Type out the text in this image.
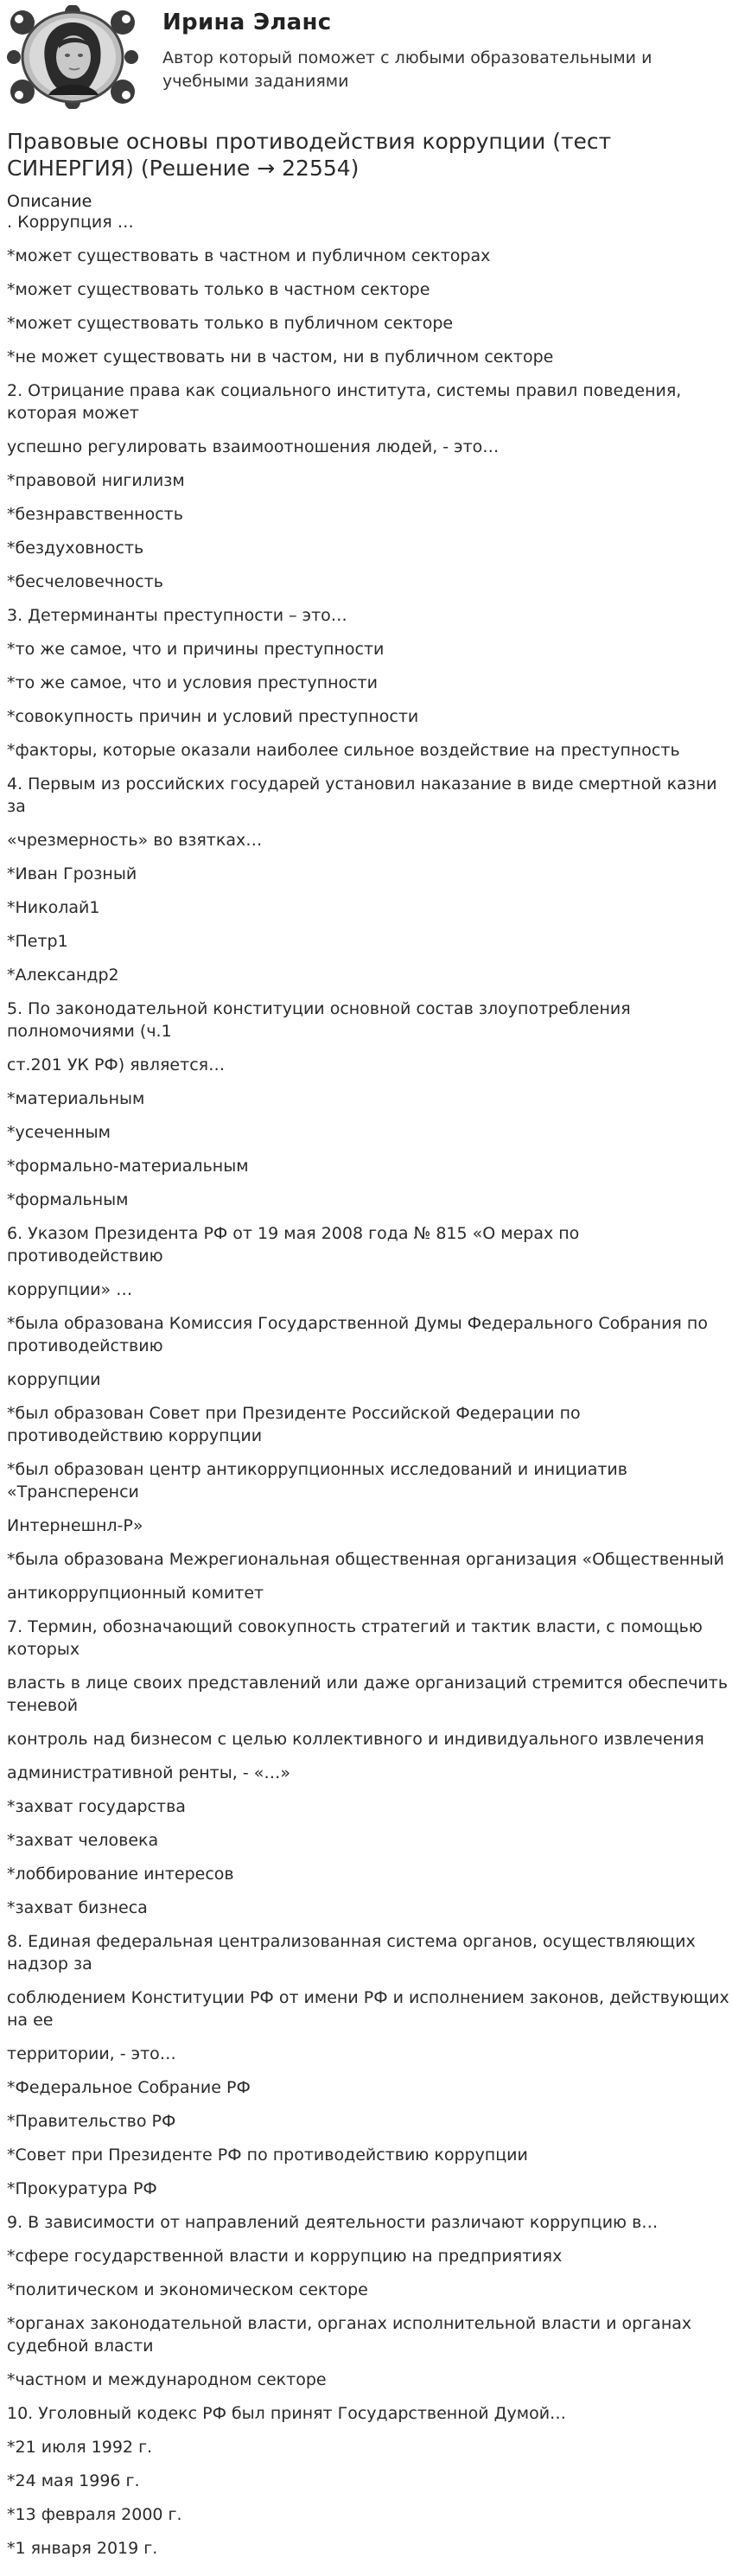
Ирина Эланс
Автор который поможет с любыми образовательными и учебными заданиями
Правовые основы противодействия коррупции (тест СИНЕРГИЯ) (Решение → 22554)
Описание

. Коррупция …

*может существовать в частном и публичном секторах

*может существовать только в частном секторе

*может существовать только в публичном секторе

*не может существовать ни в частом, ни в публичном секторе

2. Отрицание права как социального института, системы правил поведения, которая может

успешно регулировать взаимоотношения людей, - это…

*правовой нигилизм

*безнравственность

*бездуховность

*бесчеловечность

3. Детерминанты преступности – это…

*то же самое, что и причины преступности

*то же самое, что и условия преступности

*совокупность причин и условий преступности

*факторы, которые оказали наиболее сильное воздействие на преступность

4. Первым из российских государей установил наказание в виде смертной казни за

«чрезмерность» во взятках…

*Иван Грозный

*Николай1

*Петр1

*Александр2

5. По законодательной конституции основной состав злоупотребления полномочиями (ч.1

ст.201 УК РФ) является…

*материальным

*усеченным

*формально-материальным

*формальным

6. Указом Президента РФ от 19 мая 2008 года № 815 «О мерах по противодействию

коррупции» …

*была образована Комиссия Государственной Думы Федерального Собрания по противодействию

коррупции

*был образован Совет при Президенте Российской Федерации по противодействию коррупции

*был образован центр антикоррупционных исследований и инициатив «Трансперенси

Интернешнл-Р»

*была образована Межрегиональная общественная организация «Общественный

антикоррупционный комитет

7. Термин, обозначающий совокупность стратегий и тактик власти, с помощью которых

власть в лице своих представлений или даже организаций стремится обеспечить теневой

контроль над бизнесом с целью коллективного и индивидуального извлечения

административной ренты, - «…»

*захват государства

*захват человека

*лоббирование интересов

*захват бизнеса

8. Единая федеральная централизованная система органов, осуществляющих надзор за

соблюдением Конституции РФ от имени РФ и исполнением законов, действующих на ее

территории, - это…

*Федеральное Собрание РФ

*Правительство РФ

*Совет при Президенте РФ по противодействию коррупции

*Прокуратура РФ

9. В зависимости от направлений деятельности различают коррупцию в…

*сфере государственной власти и коррупцию на предприятиях

*политическом и экономическом секторе

*органах законодательной власти, органах исполнительной власти и органах судебной власти

*частном и международном секторе

10. Уголовный кодекс РФ был принят Государственной Думой…

*21 июля 1992 г.

*24 мая 1996 г.

*13 февраля 2000 г.

*1 января 2019 г.
